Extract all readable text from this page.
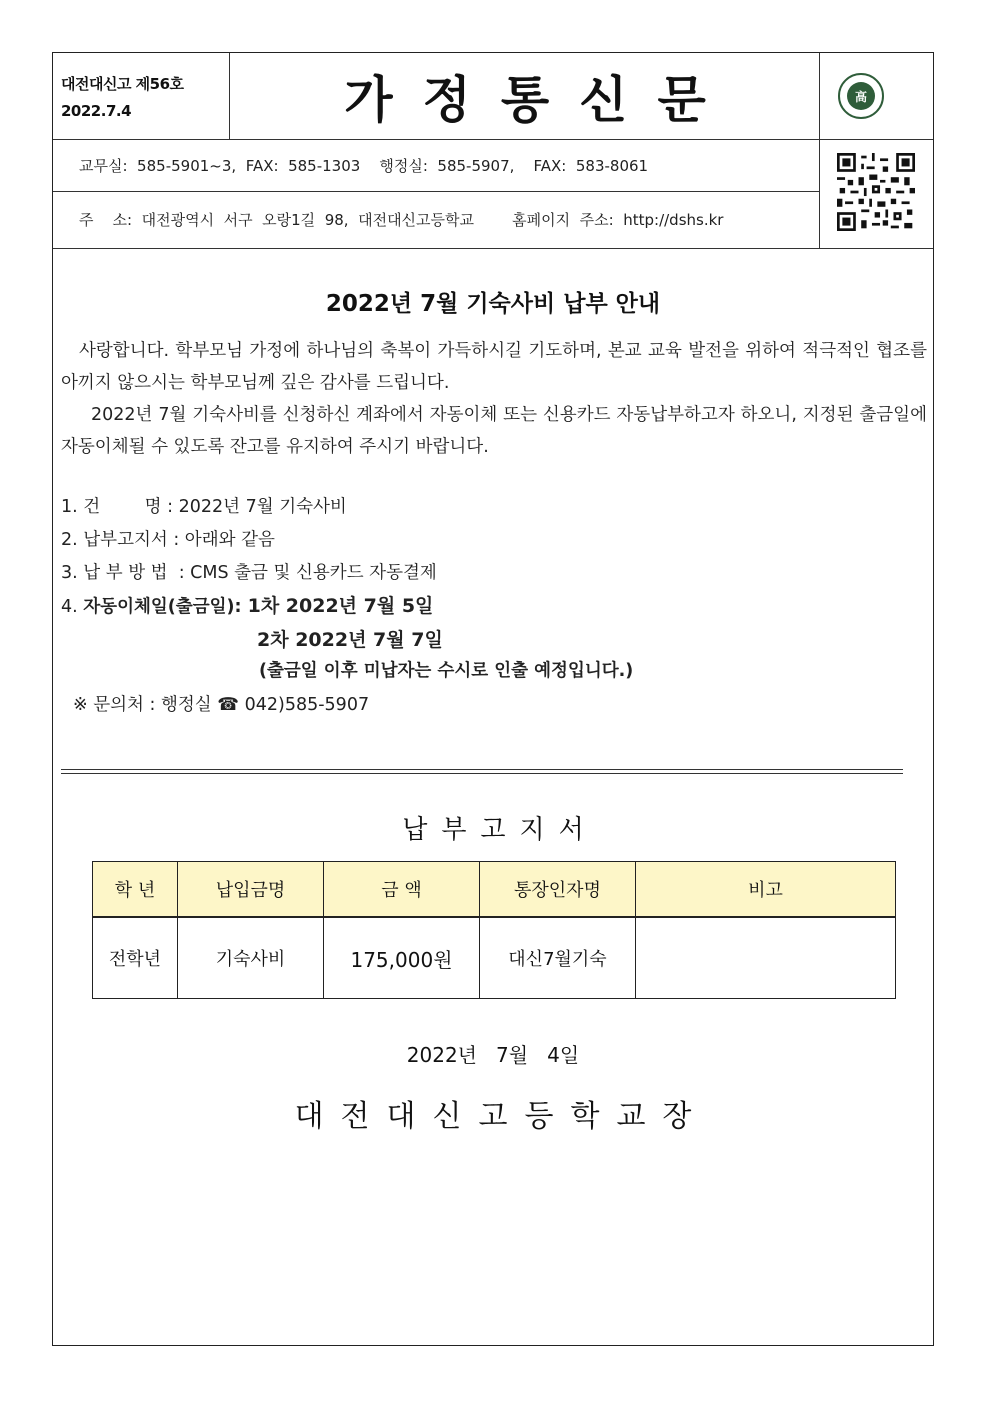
대전대신고 제56호
2022.7.4	가정통신문	高
교무실:  585-5901~3,  FAX:  585-1303    행정실:  585-5907,    FAX:  583-8061
주    소:  대전광역시  서구  오랑1길  98,  대전대신고등학교        홈페이지  주소:  http://dshs.kr
2022년 7월 기숙사비 납부 안내
사랑합니다. 학부모님 가정에 하나님의 축복이 가득하시길 기도하며, 본교 교육 발전을 위하여 적극적인 협조를 아끼지 않으시는 학부모님께 깊은 감사를 드립니다.
2022년 7월 기숙사비를 신청하신 계좌에서 자동이체 또는 신용카드 자동납부하고자 하오니, 지정된 출금일에 자동이체될 수 있도록 잔고를 유지하여 주시기 바랍니다.
1. 건        명 : 2022년 7월 기숙사비
2. 납부고지서 : 아래와 같음
3. 납 부 방 법  : CMS 출금 및 신용카드 자동결제
4. 자동이체일(출금일): 1차 2022년 7월 5일
2차 2022년 7월 7일
(출금일 이후 미납자는 수시로 인출 예정입니다.)
※ 문의처 : 행정실 ☎ 042)585-5907
납부고지서
학 년	납입금명	금 액	통장인자명	비고
전학년	기숙사비	175,000원	대신7월기숙	
2022년   7월   4일
대전대신고등학교장
